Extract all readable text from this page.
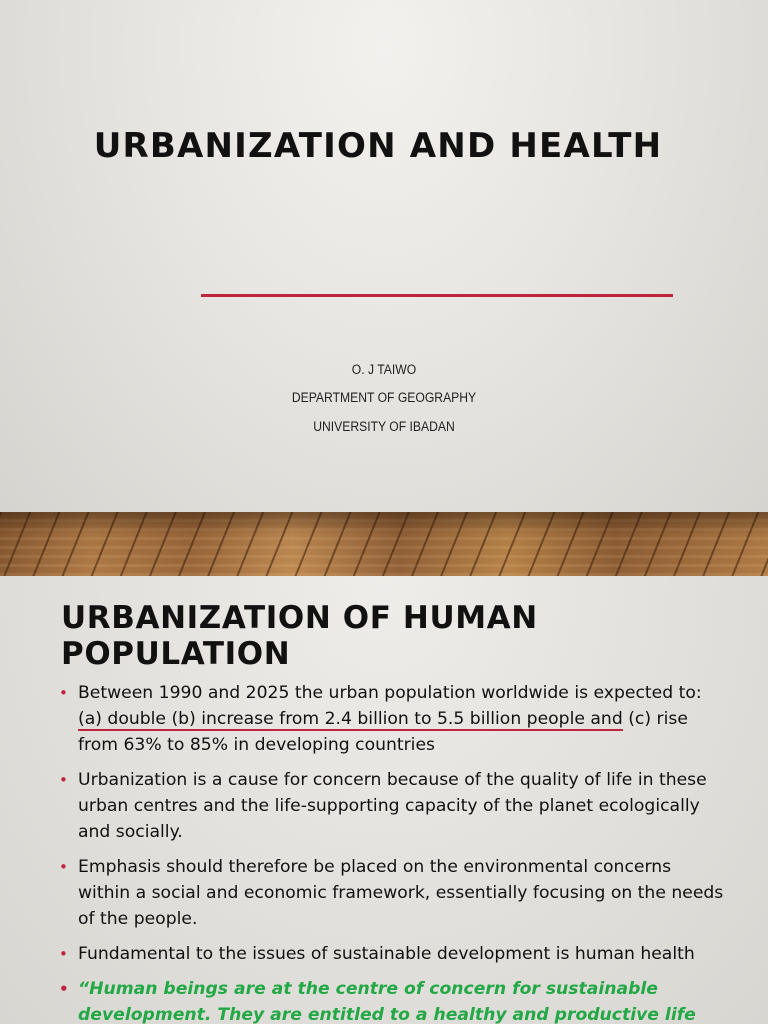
URBANIZATION AND HEALTH
O. J TAIWO
DEPARTMENT OF GEOGRAPHY
UNIVERSITY OF IBADAN
URBANIZATION OF HUMAN POPULATION
• Between 1990 and 2025 the urban population worldwide is expected to: (a) double (b) increase from 2.4 billion to 5.5 billion people and (c) rise from 63% to 85% in developing countries
• Urbanization is a cause for concern because of the quality of life in these urban centres and the life-supporting capacity of the planet ecologically and socially.
• Emphasis should therefore be placed on the environmental concerns within a social and economic framework, essentially focusing on the needs of the people.
• Fundamental to the issues of sustainable development is human health
• “Human beings are at the centre of concern for sustainable development. They are entitled to a healthy and productive life
